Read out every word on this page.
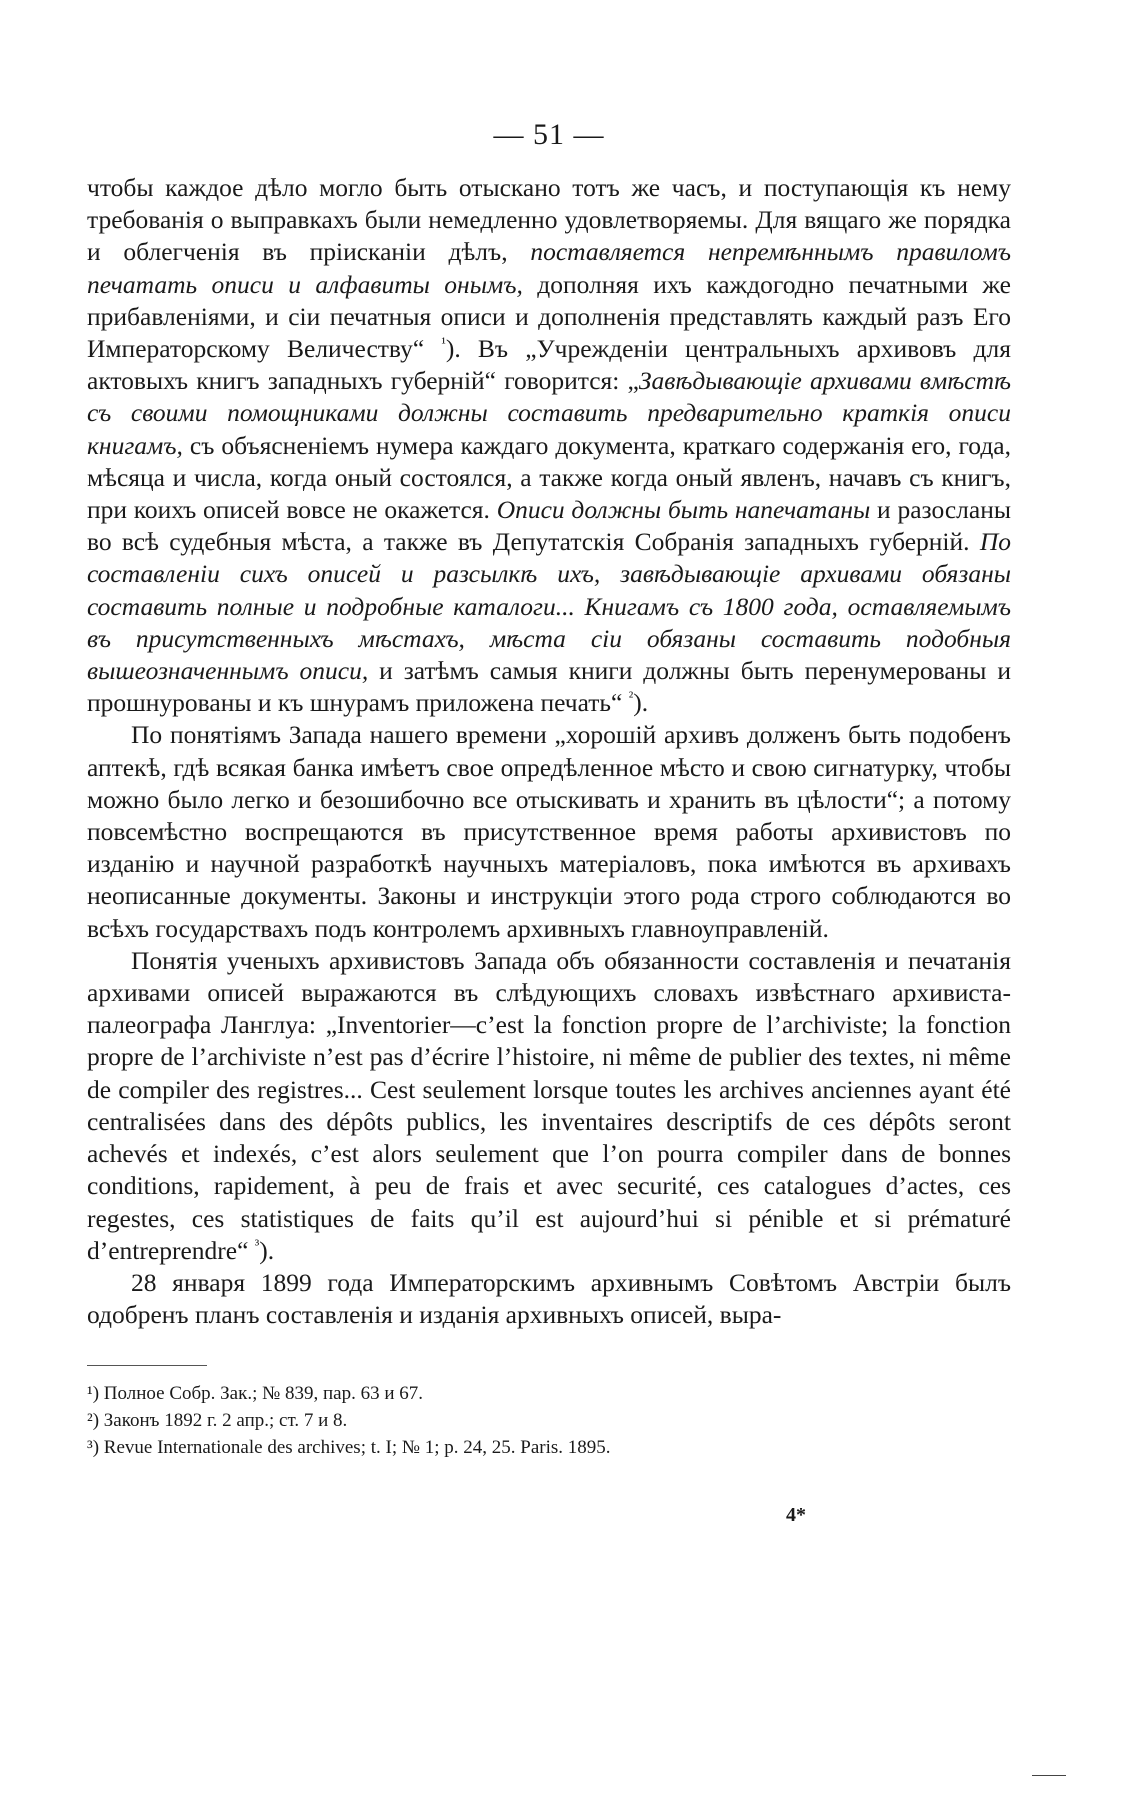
— 51 —

чтобы каждое дѣло могло быть отыскано тотъ же часъ, и поступающія къ нему требованія о выправкахъ были немедленно удовлетворяемы. Для вящаго же порядка и облегченія въ пріисканіи дѣлъ, поставляется непремѣннымъ правиломъ печатать описи и алфавиты онымъ, дополняя ихъ каждогодно печатными же прибавленіями, и сіи печатныя описи и дополненія представлять каждый разъ Его Императорскому Величеству“ $^{^1}$). Въ „Учрежденіи центральныхъ архивовъ для актовыхъ книгъ западныхъ губерній“ говорится: „Завѣдывающіе архивами вмѣстѣ съ своими помощниками должны составить предварительно краткія описи книгамъ, съ объясненіемъ нумера каждаго документа, краткаго содержанія его, года, мѣсяца и числа, когда оный состоялся, а также когда оный явленъ, начавъ съ книгъ, при коихъ описей вовсе не окажется. Описи должны быть напечатаны и разосланы во всѣ судебныя мѣста, а также въ Депутатскія Собранія западныхъ губерній. По составленіи сихъ описей и разсылкѣ ихъ, завѣдывающіе архивами обязаны составить полные и подробные каталоги... Книгамъ съ 1800 года, оставляемымъ въ присутственныхъ мѣстахъ, мѣста сіи обязаны составить подобныя вышеозначеннымъ описи, и затѣмъ самыя книги должны быть перенумерованы и прошнурованы и къ шнурамъ приложена печать“ $^{^2}$).

По понятіямъ Запада нашего времени „хорошій архивъ долженъ быть подобенъ аптекѣ, гдѣ всякая банка имѣетъ свое опредѣленное мѣсто и свою сигнатурку, чтобы можно было легко и безошибочно все отыскивать и хранить въ цѣлости“; а потому повсемѣстно воспрещаются въ присутственное время работы архивистовъ по изданію и научной разработкѣ научныхъ матеріаловъ, пока имѣются въ архивахъ неописанные документы. Законы и инструкціи этого рода строго соблюдаются во всѣхъ государствахъ подъ контролемъ архивныхъ главноуправленій.

Понятія ученыхъ архивистовъ Запада объ обязанности составленія и печатанія архивами описей выражаются въ слѣдующихъ словахъ извѣстнаго архивиста-палеографа Ланглуа: „Inventorier—c’est la fonction propre de l’archiviste; la fonction propre de l’archiviste n’est pas d’écrire l’histoire, ni même de publier des textes, ni même de compiler des registres... Cest seulement lorsque toutes les archives anciennes ayant été centralisées dans des dépôts publics, les inventaires descriptifs de ces dépôts seront achevés et indexés, c’est alors seulement que l’on pourra compiler dans de bonnes conditions, rapidement, à peu de frais et avec securité, ces catalogues d’actes, ces regestes, ces statistiques de faits qu’il est aujourd’hui si pénible et si prématuré d’entreprendre“ $^{^3}$).

28 января 1899 года Императорскимъ архивнымъ Совѣтомъ Австріи былъ одобренъ планъ составленія и изданія архивныхъ описей, выра-

¹) Полное Собр. Зак.; № 839, пар. 63 и 67.

²) Законъ 1892 г. 2 апр.; ст. 7 и 8.

³) Revue Internationale des archives; t. I; № 1; p. 24, 25. Paris. 1895.

4*
